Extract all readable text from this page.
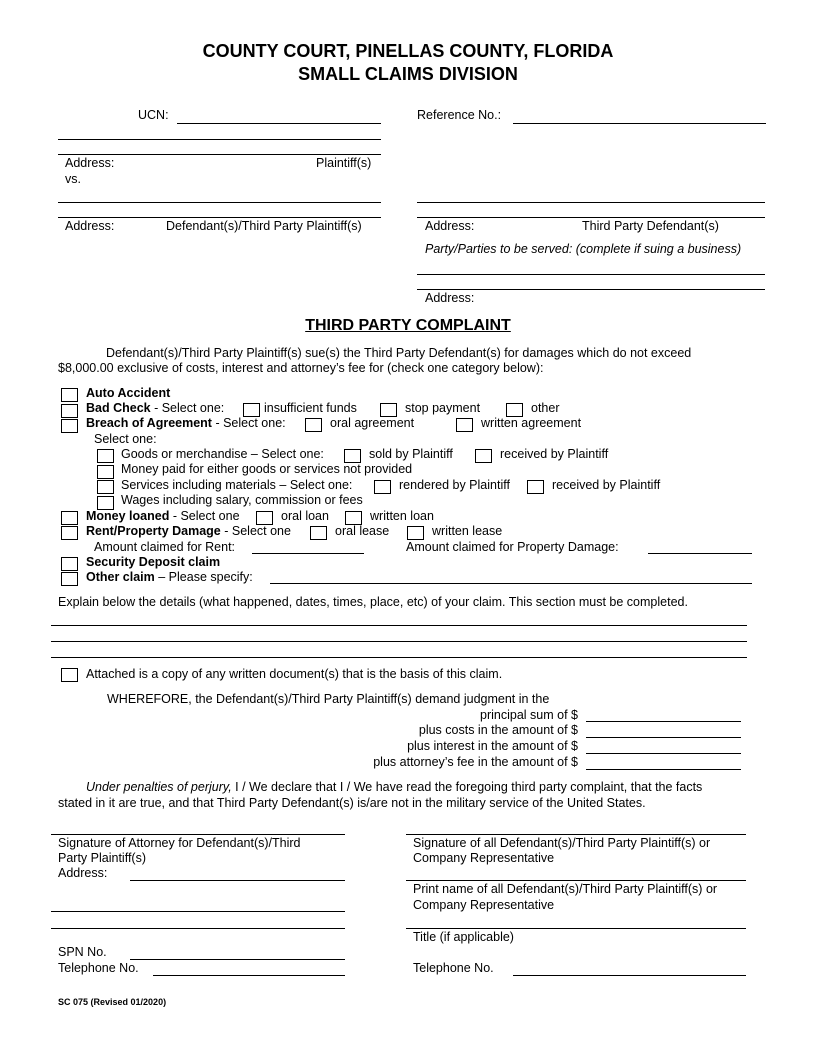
COUNTY COURT, PINELLAS COUNTY, FLORIDA
SMALL CLAIMS DIVISION
UCN:	Reference No.:
Address:	Plaintiff(s)
vs.
Address:	Defendant(s)/Third Party Plaintiff(s)	Address:	Third Party Defendant(s)
Party/Parties to be served: (complete if suing a business)
Address:
THIRD PARTY COMPLAINT
Defendant(s)/Third Party Plaintiff(s) sue(s) the Third Party Defendant(s) for damages which do not exceed
$8,000.00 exclusive of costs, interest and attorney’s fee for (check one category below):
Auto Accident
Bad Check - Select one:	insufficient funds	stop payment	other
Breach of Agreement - Select one:	oral agreement	written agreement
Select one:
Goods or merchandise – Select one:	sold by Plaintiff	received by Plaintiff
Money paid for either goods or services not provided
Services including materials – Select one:	rendered by Plaintiff	received by Plaintiff
Wages including salary, commission or fees
Money loaned - Select one	oral loan	written loan
Rent/Property Damage - Select one	oral lease	written lease
Amount claimed for Rent:	Amount claimed for Property Damage:
Security Deposit claim
Other claim – Please specify:
Explain below the details (what happened, dates, times, place, etc) of your claim. This section must be completed.
Attached is a copy of any written document(s) that is the basis of this claim.
WHEREFORE, the Defendant(s)/Third Party Plaintiff(s) demand judgment in the
principal sum of $
plus costs in the amount of $
plus interest in the amount of $
plus attorney’s fee in the amount of $
Under penalties of perjury, I / We declare that I / We have read the foregoing third party complaint, that the facts
stated in it are true, and that Third Party Defendant(s) is/are not in the military service of the United States.
Signature of Attorney for Defendant(s)/Third
Party Plaintiff(s)
Address:
SPN No.
Telephone No.
Signature of all Defendant(s)/Third Party Plaintiff(s) or
Company Representative
Print name of all Defendant(s)/Third Party Plaintiff(s) or
Company Representative
Title (if applicable)
Telephone No.
SC 075 (Revised 01/2020)
